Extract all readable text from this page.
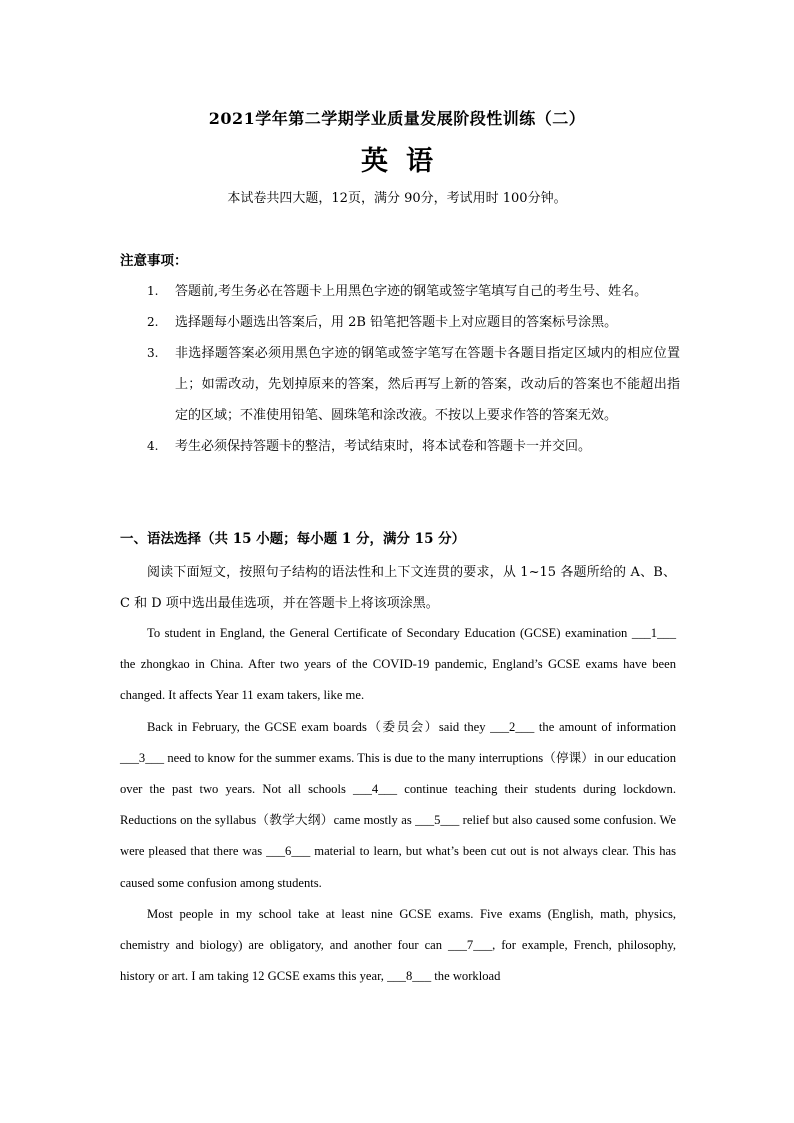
2021学年第二学期学业质量发展阶段性训练（二）
英语
本试卷共四大题，12页，满分 90分，考试用时 100分钟。
注意事项：
1. 答题前,考生务必在答题卡上用黑色字迹的钢笔或签字笔填写自己的考生号、姓名。
2. 选择题每小题选出答案后，用 2B 铅笔把答题卡上对应题目的答案标号涂黑。
3. 非选择题答案必须用黑色字迹的钢笔或签字笔写在答题卡各题目指定区域内的相应位置上；如需改动，先划掉原来的答案，然后再写上新的答案，改动后的答案也不能超出指定的区域；不准使用铅笔、圆珠笔和涂改液。不按以上要求作答的答案无效。
4. 考生必须保持答题卡的整洁，考试结束时，将本试卷和答题卡一并交回。
一、语法选择（共 15 小题；每小题 1 分，满分 15 分）
阅读下面短文，按照句子结构的语法性和上下文连贯的要求，从 1~15 各题所给的 A、B、C 和 D 项中选出最佳选项，并在答题卡上将该项涂黑。

To student in England, the General Certificate of Secondary Education (GCSE) examination ___1___ the zhongkao in China. After two years of the COVID-19 pandemic, England’s GCSE exams have been changed. It affects Year 11 exam takers, like me.

Back in February, the GCSE exam boards（委员会）said they ___2___ the amount of information ___3___ need to know for the summer exams. This is due to the many interruptions（停课）in our education over the past two years. Not all schools ___4___ continue teaching their students during lockdown. Reductions on the syllabus（教学大纲）came mostly as ___5___ relief but also caused some confusion. We were pleased that there was ___6___ material to learn, but what’s been cut out is not always clear. This has caused some confusion among students.

Most people in my school take at least nine GCSE exams. Five exams (English, math, physics, chemistry and biology) are obligatory, and another four can ___7___, for example, French, philosophy, history or art. I am taking 12 GCSE exams this year, ___8___ the workload
